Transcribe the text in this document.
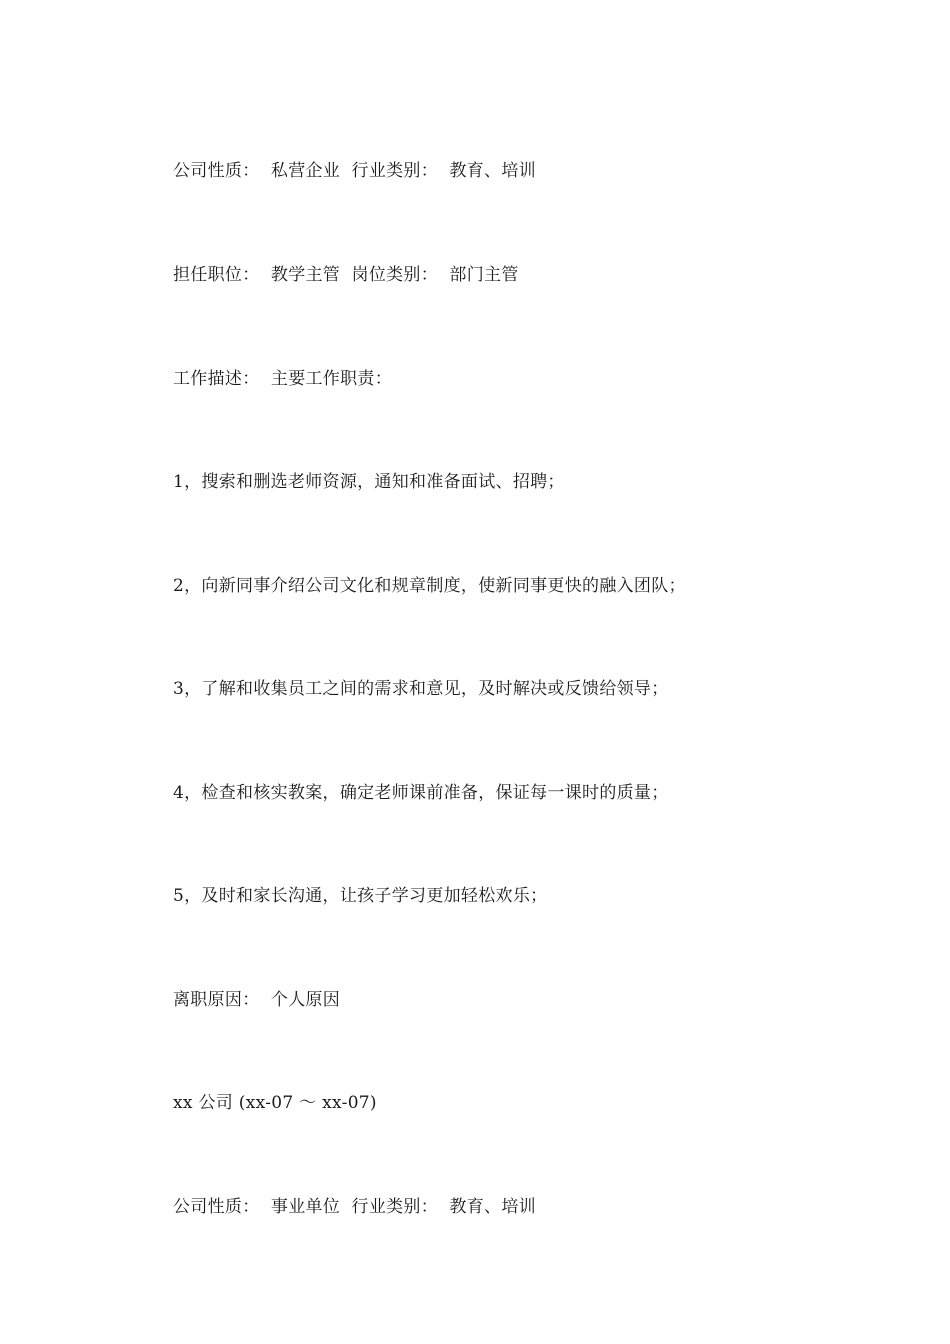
公司性质：  私营企业  行业类别：  教育、培训
担任职位：  教学主管  岗位类别：  部门主管
工作描述：  主要工作职责：
1，搜索和删选老师资源，通知和准备面试、招聘；
2，向新同事介绍公司文化和规章制度，使新同事更快的融入团队；
3，了解和收集员工之间的需求和意见，及时解决或反馈给领导；
4，检查和核实教案，确定老师课前准备，保证每一课时的质量；
5，及时和家长沟通，让孩子学习更加轻松欢乐；
离职原因：  个人原因
xx 公司 (xx-07 ～ xx-07)
公司性质：  事业单位  行业类别：  教育、培训
